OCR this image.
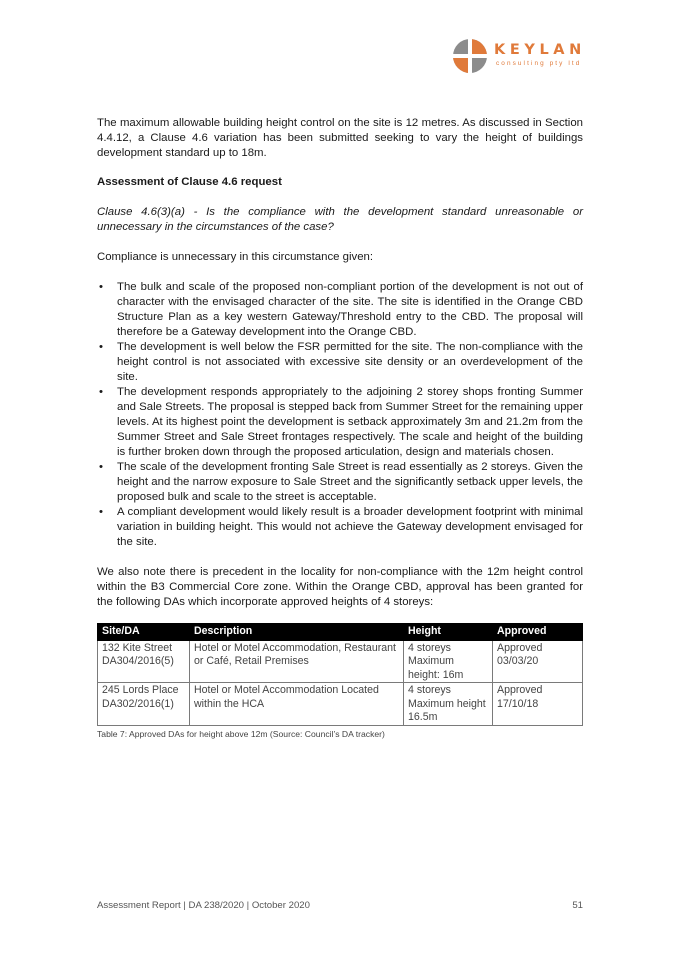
KEYLAN
consulting pty ltd

The maximum allowable building height control on the site is 12 metres. As discussed in Section 4.4.12, a Clause 4.6 variation has been submitted seeking to vary the height of buildings development standard up to 18m.

Assessment of Clause 4.6 request

Clause 4.6(3)(a) - Is the compliance with the development standard unreasonable or unnecessary in the circumstances of the case?

Compliance is unnecessary in this circumstance given:

• The bulk and scale of the proposed non-compliant portion of the development is not out of character with the envisaged character of the site. The site is identified in the Orange CBD Structure Plan as a key western Gateway/Threshold entry to the CBD. The proposal will therefore be a Gateway development into the Orange CBD.
• The development is well below the FSR permitted for the site. The non-compliance with the height control is not associated with excessive site density or an overdevelopment of the site.
• The development responds appropriately to the adjoining 2 storey shops fronting Summer and Sale Streets. The proposal is stepped back from Summer Street for the remaining upper levels. At its highest point the development is setback approximately 3m and 21.2m from the Summer Street and Sale Street frontages respectively. The scale and height of the building is further broken down through the proposed articulation, design and materials chosen.
• The scale of the development fronting Sale Street is read essentially as 2 storeys. Given the height and the narrow exposure to Sale Street and the significantly setback upper levels, the proposed bulk and scale to the street is acceptable.
• A compliant development would likely result is a broader development footprint with minimal variation in building height. This would not achieve the Gateway development envisaged for the site.

We also note there is precedent in the locality for non-compliance with the 12m height control within the B3 Commercial Core zone. Within the Orange CBD, approval has been granted for the following DAs which incorporate approved heights of 4 storeys:

Site/DA	Description	Height	Approved
132 Kite Street DA304/2016(5)	Hotel or Motel Accommodation, Restaurant or Café, Retail Premises	4 storeys Maximum height: 16m	Approved 03/03/20
245 Lords Place DA302/2016(1)	Hotel or Motel Accommodation Located within the HCA	4 storeys Maximum height 16.5m	Approved 17/10/18
Table 7: Approved DAs for height above 12m (Source: Council’s DA tracker)
Assessment Report | DA 238/2020 | October 2020	51
